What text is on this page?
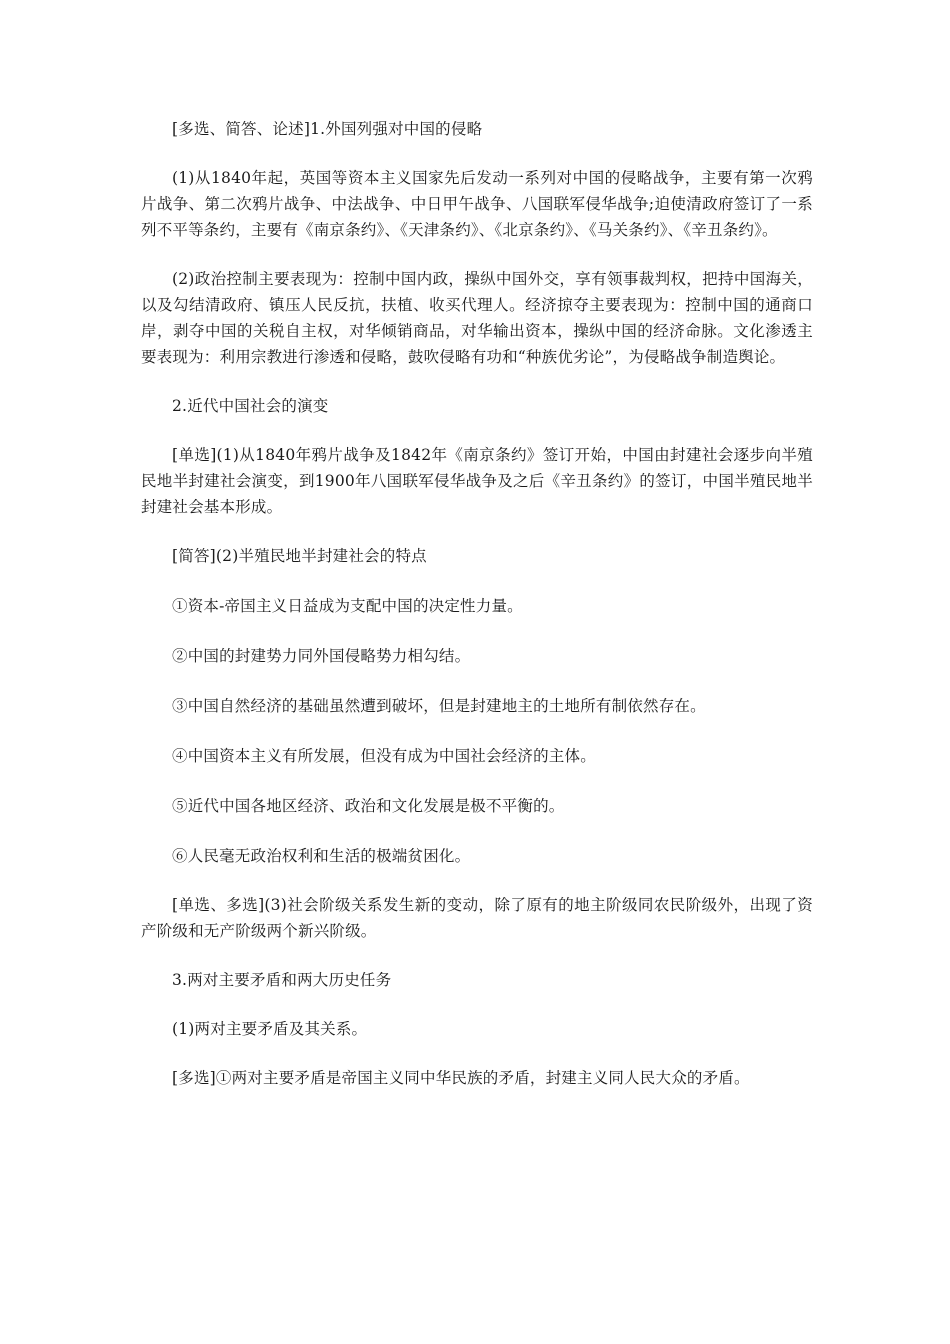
[多选、简答、论述]1.外国列强对中国的侵略

(1)从1840年起，英国等资本主义国家先后发动一系列对中国的侵略战争，主要有第一次鸦片战争、第二次鸦片战争、中法战争、中日甲午战争、八国联军侵华战争;迫使清政府签订了一系列不平等条约，主要有《南京条约》、《天津条约》、《北京条约》、《马关条约》、《辛丑条约》。

(2)政治控制主要表现为：控制中国内政，操纵中国外交，享有领事裁判权，把持中国海关，以及勾结清政府、镇压人民反抗，扶植、收买代理人。经济掠夺主要表现为：控制中国的通商口岸，剥夺中国的关税自主权，对华倾销商品，对华输出资本，操纵中国的经济命脉。文化渗透主要表现为：利用宗教进行渗透和侵略，鼓吹侵略有功和“种族优劣论”，为侵略战争制造舆论。

2.近代中国社会的演变

[单选](1)从1840年鸦片战争及1842年《南京条约》签订开始，中国由封建社会逐步向半殖民地半封建社会演变，到1900年八国联军侵华战争及之后《辛丑条约》的签订，中国半殖民地半封建社会基本形成。

[简答](2)半殖民地半封建社会的特点

①资本-帝国主义日益成为支配中国的决定性力量。

②中国的封建势力同外国侵略势力相勾结。

③中国自然经济的基础虽然遭到破坏，但是封建地主的土地所有制依然存在。

④中国资本主义有所发展，但没有成为中国社会经济的主体。

⑤近代中国各地区经济、政治和文化发展是极不平衡的。

⑥人民毫无政治权利和生活的极端贫困化。

[单选、多选](3)社会阶级关系发生新的变动，除了原有的地主阶级同农民阶级外，出现了资产阶级和无产阶级两个新兴阶级。

3.两对主要矛盾和两大历史任务

(1)两对主要矛盾及其关系。

[多选]①两对主要矛盾是帝国主义同中华民族的矛盾，封建主义同人民大众的矛盾。
